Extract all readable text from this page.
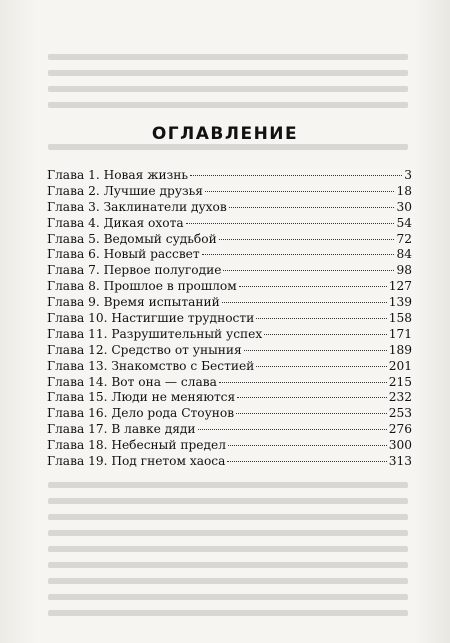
ОГЛАВЛЕНИЕ
Глава 1. Новая жизнь	3
Глава 2. Лучшие друзья	18
Глава 3. Заклинатели духов	30
Глава 4. Дикая охота	54
Глава 5. Ведомый судьбой	72
Глава 6. Новый рассвет	84
Глава 7. Первое полугодие	98
Глава 8. Прошлое в прошлом	127
Глава 9. Время испытаний	139
Глава 10. Настигшие трудности	158
Глава 11. Разрушительный успех	171
Глава 12. Средство от уныния	189
Глава 13. Знакомство с Бестией	201
Глава 14. Вот она — слава	215
Глава 15. Люди не меняются	232
Глава 16. Дело рода Стоунов	253
Глава 17. В лавке дяди	276
Глава 18. Небесный предел	300
Глава 19. Под гнетом хаоса	313
